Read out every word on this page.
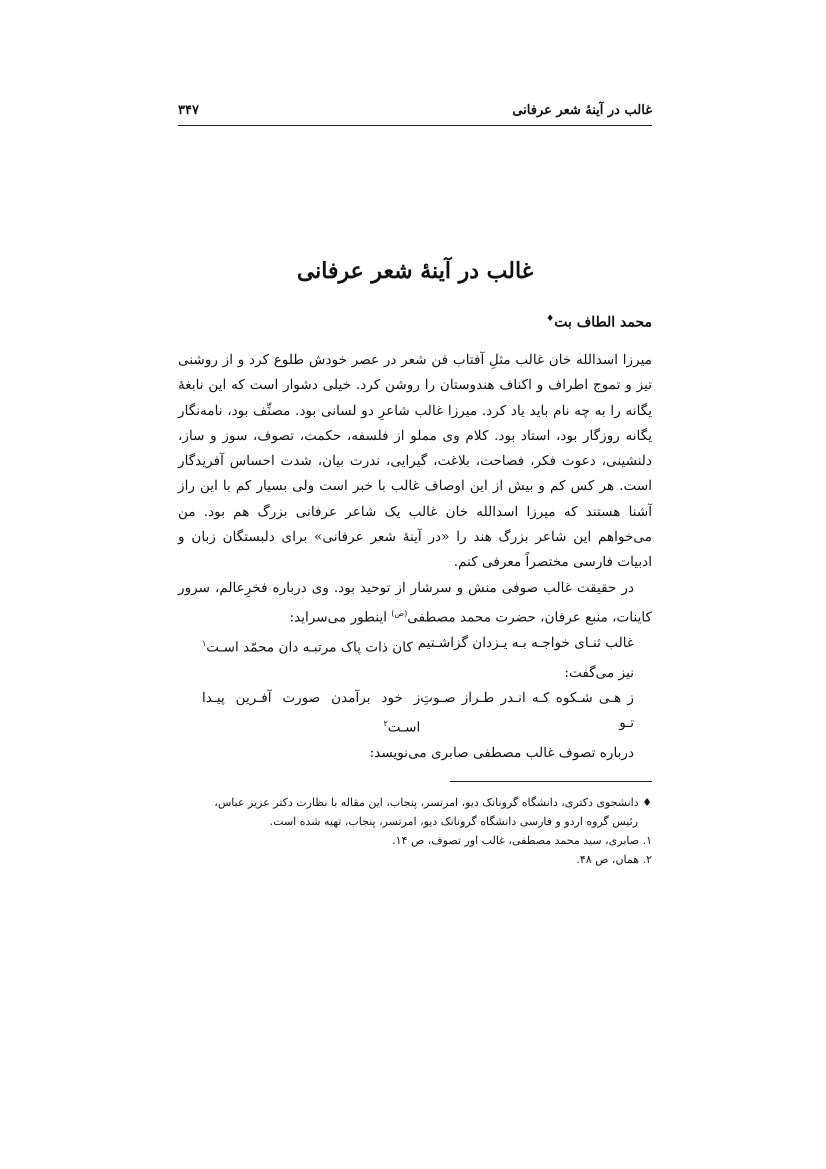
غالب در آینهٔ شعر عرفانی
۳۴۷
غالب در آینهٔ شعر عرفانی
محمد الطاف بت♦

میرزا اسدالله خان غالب مثلِ آفتاب فن شعر در عصر خودش طلوع کرد و از روشنی تیز و تموج اطراف و اکناف هندوستان را روشن کرد. خیلی دشوار است که این نابغهٔ یگانه را به چه نام باید یاد کرد. میرزا غالب شاعرِ دو لسانی بود. مصنِّف بود، نامه‌نگار یگانه روزگار بود، استاد بود. کلام وی مملو از فلسفه، حکمت، تصوف، سوز و ساز، دلنشینی، دعوت فکر، فصاحت، بلاغت، گیرایی، ندرت بیان، شدت احساس آفریدگار است. هر کس کم و بیش از این اوصاف غالب با خبر است ولی بسیار کم با این راز آشنا هستند که میرزا اسدالله خان غالب یک شاعر عرفانی بزرگ هم بود. من می‌خواهم این شاعر بزرگ هند را «در آینهٔ شعر عرفانی» برای دلبستگان زبان و ادبیات فارسی مختصراً معرفی کنم.

در حقیقت غالب صوفی منش و سرشار از توحید بود. وی درباره فخرِعالم، سرور کاینات، منبع عرفان، حضرت محمد مصطفی$^{(ص)}$ اینطور می‌سراید:

غالب ثنـای خواجـه بـه یـزدان گزاشـتیم
کان ذات پاک مرتبـه دان محمّد اسـت$^۱$

نیز می‌گفت:

ز هـی شـکوه کـه انـدر طـراز صـوتِ تـو
ز خود برآمدن صورت آفـرین پیـدا اسـت$^۲$

درباره تصوف غالب مصطفی صابری می‌نویسد:

♦ دانشجوی دکتری، دانشگاه گرونانک دیو، امرتسر، پنجاب، این مقاله با نظارت دکتر عزیز عباس،

رئیس گروه اردو و فارسی دانشگاه گرونانک دیو، امرتسر، پنجاب، تهیه شده است.

۱. صابری، سید محمد مصطفی، غالب اور تصوف، ص ۱۴.

۲. همان، ص ۴۸.
